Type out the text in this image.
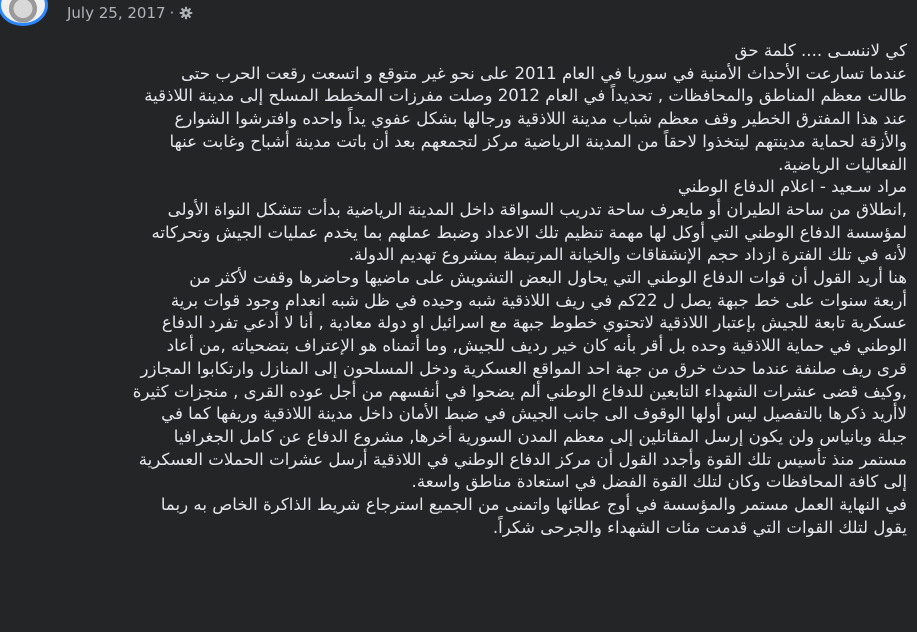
July 25, 2017 ·

كي لاننسـى .... كلمة حق

عندما تسارعت الأحداث الأمنية في سوريا في العام 2011 على نحو غير متوقع و اتسعت رقعت الحرب حتى

طالت معظم المناطق والمحافظات , تحديداً في العام 2012 وصلت مفرزات المخطط المسلح إلى مدينة اللاذقية

عند هذا المفترق الخطير وقف معظم شباب مدينة اللاذقية ورجالها بشكل عفوي يداً واحده وافترشوا الشوارع

والأزقة لحماية مدينتهم ليتخذوا لاحقاً من المدينة الرياضية مركز لتجمعهم بعد أن باتت مدينة أشباح وغابت عنها

الفعاليات الرياضية.

مراد سـعيد - اعلام الدفاع الوطني

,انطلاق من ساحة الطيران أو مايعرف ساحة تدريب السواقة داخل المدينة الرياضية بدأت تتشكل النواة الأولى

لمؤسسة الدفاع الوطني التي أوكل لها مهمة تنظيم تلك الاعداد وضبط عملهم بما يخدم عمليات الجيش وتحركاته

لأنه في تلك الفترة ازداد حجم الإنشقاقات والخيانة المرتبطة بمشروع تهديم الدولة.

هنا أريد القول أن قوات الدفاع الوطني التي يحاول البعض التشويش على ماضيها وحاضرها وقفت لأكثر من

أربعة سنوات على خط جبهة يصل ل 22كم في ريف اللاذقية شبه وحيده في ظل شبه انعدام وجود قوات برية

عسكرية تابعة للجيش بإعتبار اللاذقية لاتحتوي خطوط جبهة مع اسرائيل او دولة معادية , أنا لا أدعي تفرد الدفاع

الوطني في حماية اللاذقية وحده بل أقر بأنه كان خير رديف للجيش, وما أتمناه هو الإعتراف بتضحياته ,من أعاد

قرى ريف صلنفة عندما حدث خرق من جهة احد المواقع العسكرية ودخل المسلحون إلى المنازل وارتكابوا المجازر

,وكيف قضى عشرات الشهداء التابعين للدفاع الوطني ألم يضحوا في أنفسهم من أجل عوده القرى , منجزات كثيرة

لاأريد ذكرها بالتفصيل ليس أولها الوقوف الى جانب الجيش في ضبط الأمان داخل مدينة اللاذقية وريفها كما في

جبلة وبانياس ولن يكون إرسل المقاتلين إلى معظم المدن السورية أخرها, مشروع الدفاع عن كامل الجغرافيا

مستمر منذ تأسيس تلك القوة وأجدد القول أن مركز الدفاع الوطني في اللاذقية أرسل عشرات الحملات العسكرية

إلى كافة المحافظات وكان لتلك القوة الفضل في استعادة مناطق واسعة.

في النهاية العمل مستمر والمؤسسة في أوج عطائها واتمنى من الجميع استرجاع شريط الذاكرة الخاص به ربما

يقول لتلك القوات التي قدمت مئات الشهداء والجرحى شكراً.
